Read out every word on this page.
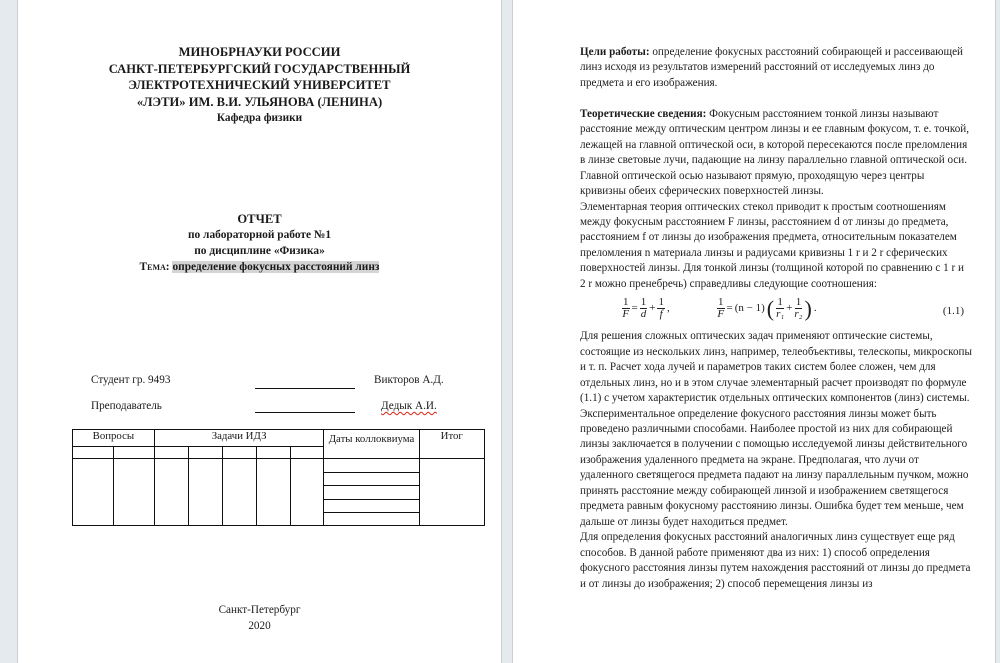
МИНОБРНАУКИ РОССИИ
САНКТ-ПЕТЕРБУРГСКИЙ ГОСУДАРСТВЕННЫЙ
ЭЛЕКТРОТЕХНИЧЕСКИЙ УНИВЕРСИТЕТ
«ЛЭТИ» ИМ. В.И. УЛЬЯНОВА (ЛЕНИНА)
Кафедра физики
ОТЧЕТ
по лабораторной работе №1
по дисциплине «Физика»
Тема: определение фокусных расстояний линз
Студент гр. 9493	Викторов А.Д.
Преподаватель	Дедык А.И.
Вопросы		Задачи ИДЗ					Даты коллоквиума	Итог

Санкт-Петербург
2020

Цели работы: определение фокусных расстояний собирающей и рассеивающей линз исходя из результатов измерений расстояний от исследуемых линз до предмета и его изображения.

Теоретические сведения: Фокусным расстоянием тонкой линзы называют расстояние между оптическим центром линзы и ее главным фокусом, т. е. точкой, лежащей на главной оптической оси, в которой пересекаются после преломления в линзе световые лучи, падающие на линзу параллельно главной оптической оси. Главной оптической осью называют прямую, проходящую через центры кривизны обеих сферических поверхностей линзы.

Элементарная теория оптических стекол приводит к простым соотношениям между фокусным расстоянием F линзы, расстоянием d от линзы до предмета, расстоянием f от линзы до изображения предмета, относительным показателем преломления n материала линзы и радиусами кривизны 1 r и 2 r сферических поверхностей линзы. Для тонкой линзы (толщиной которой по сравнению с 1 r и 2 r можно пренебречь) справедливы следующие соотношения:

$\frac{1}{F} = \frac{1}{d} + \frac{1}{f}$ ,	$\frac{1}{F} = (n - 1)$ ( $\frac{1}{\text{r₁}} + \frac{1}{\text{r₂}}$ ) .	(1.1)

Для решения сложных оптических задач применяют оптические системы, состоящие из нескольких линз, например, телеобъективы, телескопы, микроскопы и т. п. Расчет хода лучей и параметров таких систем более сложен, чем для отдельных линз, но и в этом случае элементарный расчет производят по формуле (1.1) с учетом характеристик отдельных оптических компонентов (линз) системы.

Экспериментальное определение фокусного расстояния линзы может быть проведено различными способами. Наиболее простой из них для собирающей линзы заключается в получении с помощью исследуемой линзы действительного изображения удаленного предмета на экране. Предполагая, что лучи от удаленного светящегося предмета падают на линзу параллельным пучком, можно принять расстояние между собирающей линзой и изображением светящегося предмета равным фокусному расстоянию линзы. Ошибка будет тем меньше, чем дальше от линзы будет находиться предмет.

Для определения фокусных расстояний аналогичных линз существует еще ряд способов. В данной работе применяют два из них: 1) способ определения фокусного расстояния линзы путем нахождения расстояний от линзы до предмета и от линзы до изображения; 2) способ перемещения линзы из
